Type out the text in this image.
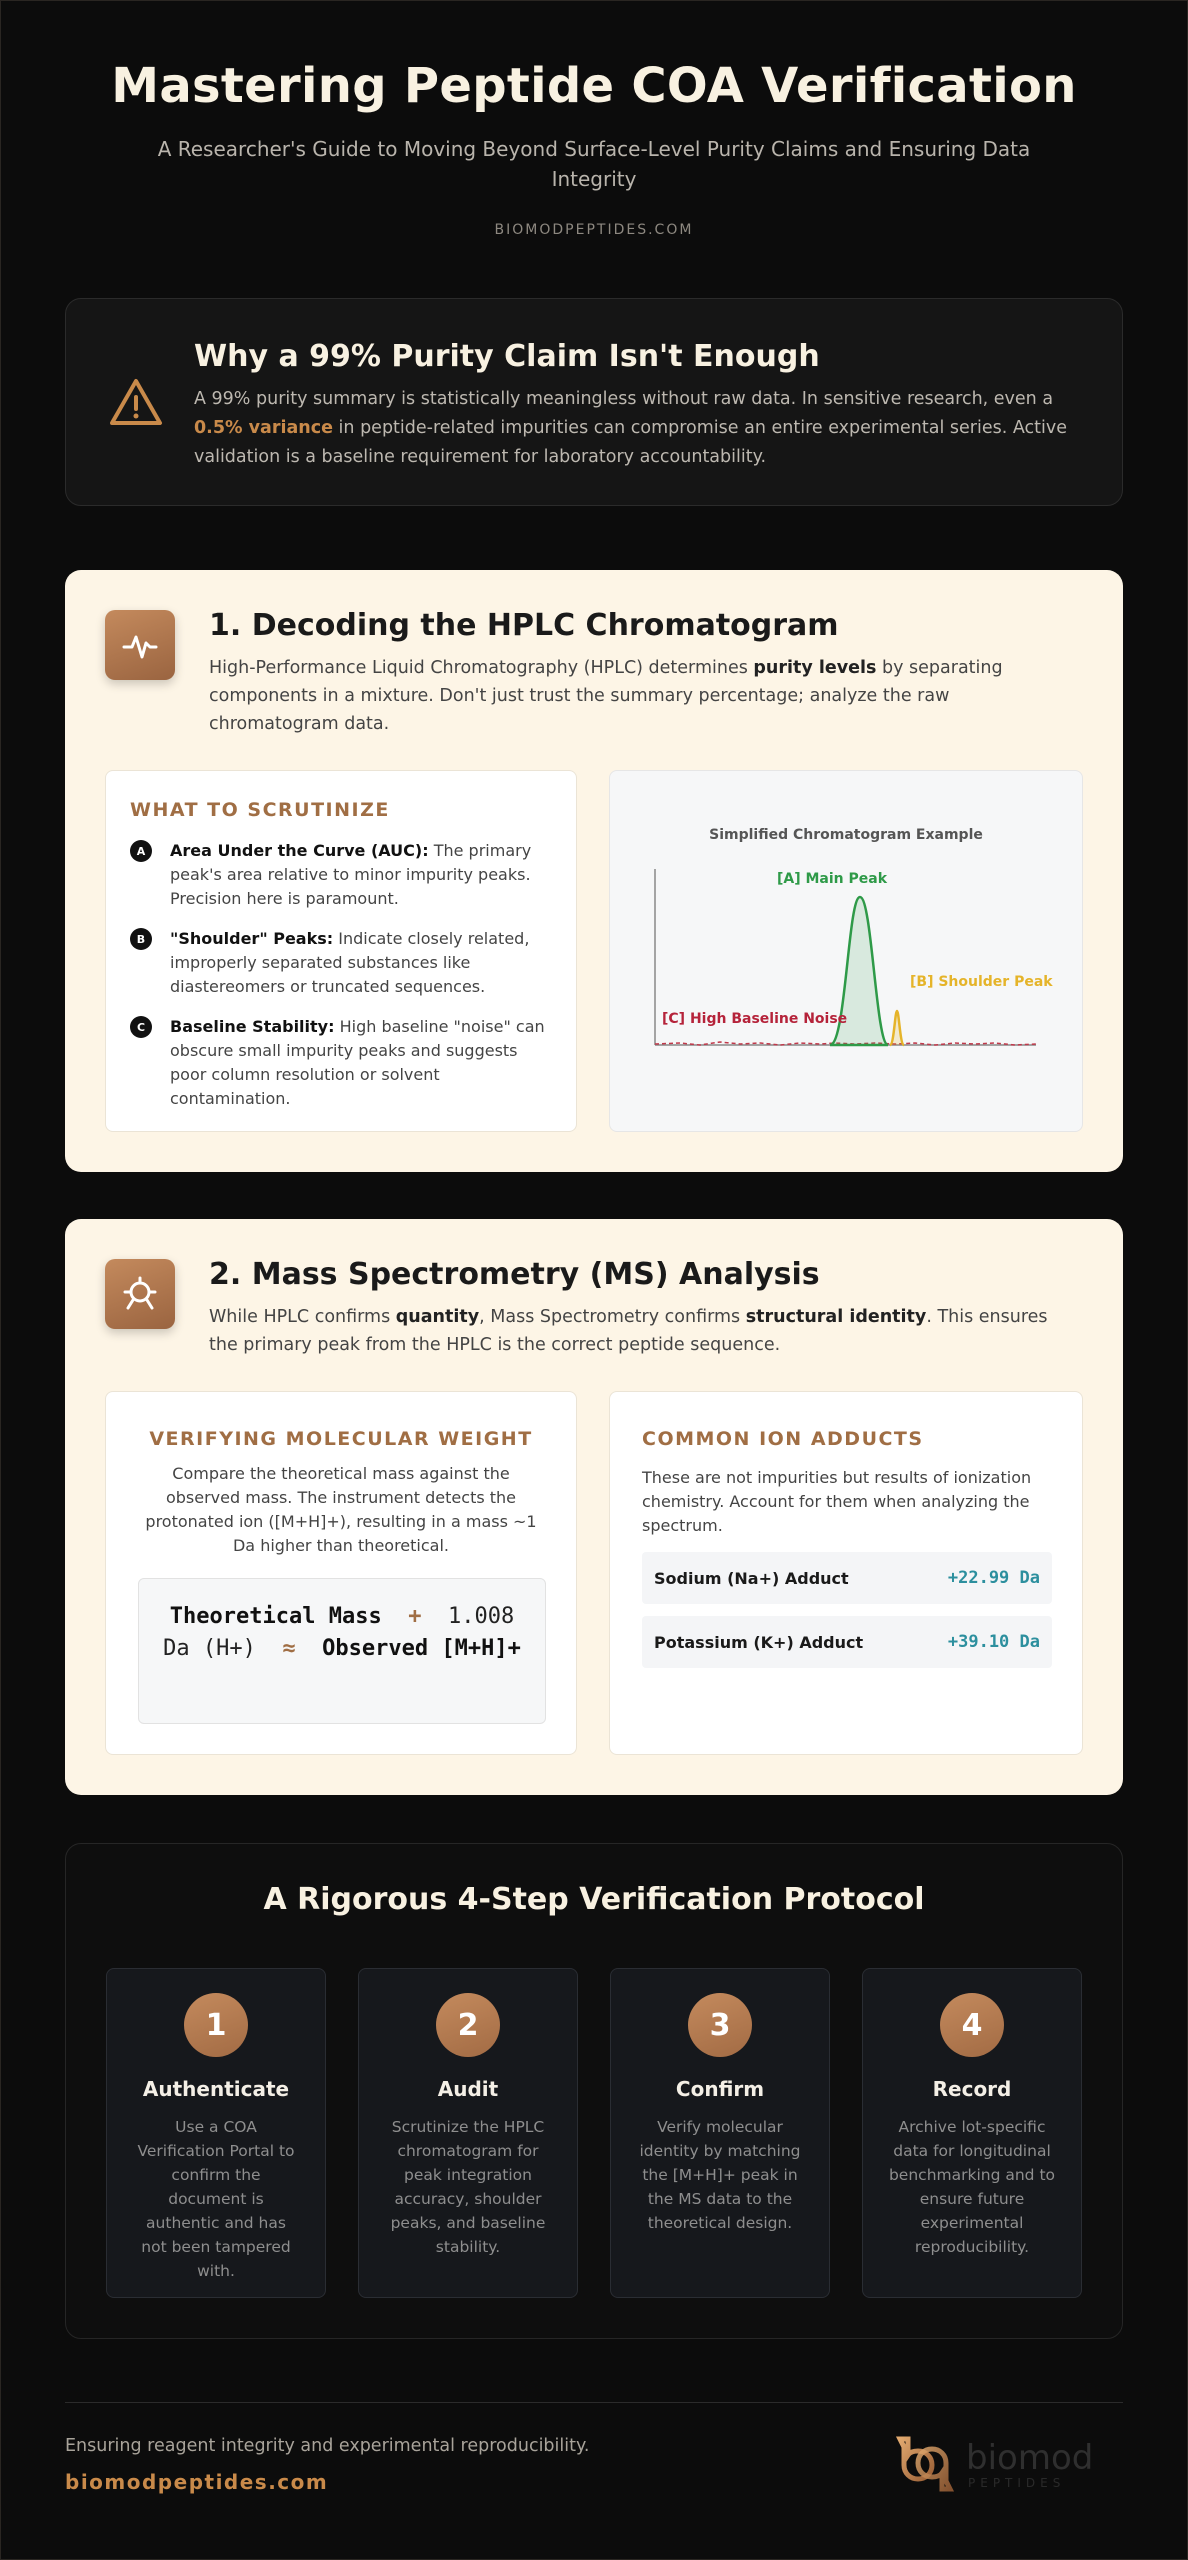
Mastering Peptide COA Verification
A Researcher's Guide to Moving Beyond Surface-Level Purity Claims and Ensuring Data Integrity
BIOMODPEPTIDES.COM
Why a 99% Purity Claim Isn't Enough
A 99% purity summary is statistically meaningless without raw data. In sensitive research, even a 0.5% variance in peptide-related impurities can compromise an entire experimental series. Active validation is a baseline requirement for laboratory accountability.
1. Decoding the HPLC Chromatogram
High-Performance Liquid Chromatography (HPLC) determines purity levels by separating components in a mixture. Don't just trust the summary percentage; analyze the raw chromatogram data.
WHAT TO SCRUTINIZE
A	Area Under the Curve (AUC): The primary peak's area relative to minor impurity peaks. Precision here is paramount.
B	"Shoulder" Peaks: Indicate closely related, improperly separated substances like diastereomers or truncated sequences.
C	Baseline Stability: High baseline "noise" can obscure small impurity peaks and suggests poor column resolution or solvent contamination.
Simplified Chromatogram Example
[A] Main Peak
[B] Shoulder Peak
[C] High Baseline Noise
2. Mass Spectrometry (MS) Analysis
While HPLC confirms quantity, Mass Spectrometry confirms structural identity. This ensures the primary peak from the HPLC is the correct peptide sequence.
VERIFYING MOLECULAR WEIGHT
Compare the theoretical mass against the observed mass. The instrument detects the protonated ion ([M+H]+), resulting in a mass ~1 Da higher than theoretical.
Theoretical Mass + 1.008 Da (H+) ≈ Observed [M+H]+
COMMON ION ADDUCTS
These are not impurities but results of ionization chemistry. Account for them when analyzing the spectrum.
Sodium (Na+) Adduct	+22.99 Da
Potassium (K+) Adduct	+39.10 Da
A Rigorous 4-Step Verification Protocol
1
Authenticate
Use a COA Verification Portal to confirm the document is authentic and has not been tampered with.
2
Audit
Scrutinize the HPLC chromatogram for peak integration accuracy, shoulder peaks, and baseline stability.
3
Confirm
Verify molecular identity by matching the [M+H]+ peak in the MS data to the theoretical design.
4
Record
Archive lot-specific data for longitudinal benchmarking and to ensure future experimental reproducibility.
Ensuring reagent integrity and experimental reproducibility.
biomodpeptides.com
biomod
PEPTIDES
